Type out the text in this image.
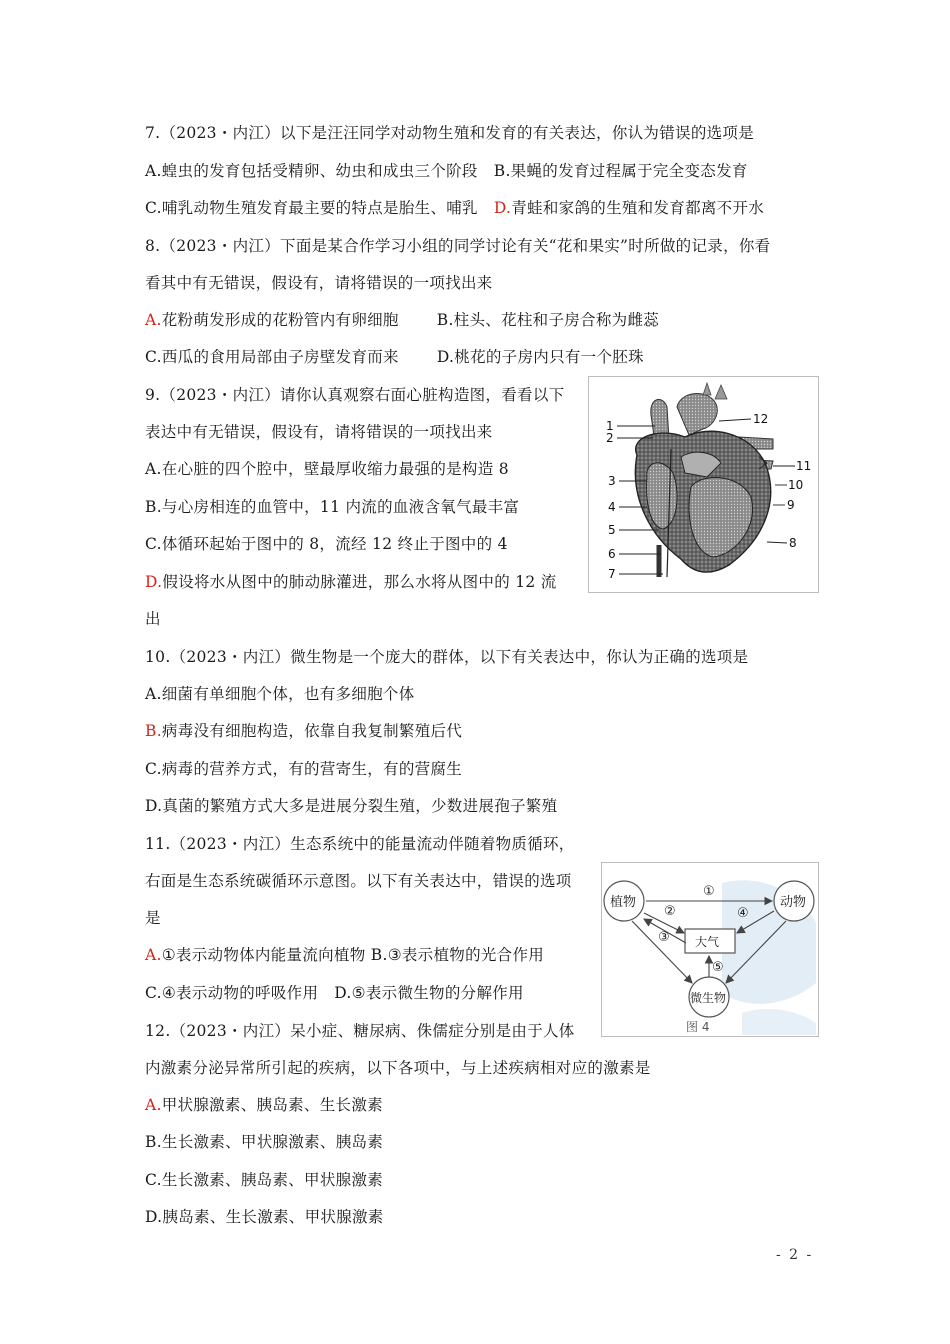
7.（2023・内江）以下是汪汪同学对动物生殖和发育的有关表达，你认为错误的选项是
A.蝗虫的发育包括受精卵、幼虫和成虫三个阶段 B.果蝇的发育过程属于完全变态发育
C.哺乳动物生殖发育最主要的特点是胎生、哺乳 D.青蛙和家鸽的生殖和发育都离不开水
8.（2023・内江）下面是某合作学习小组的同学讨论有关“花和果实”时所做的记录，你看
看其中有无错误，假设有，请将错误的一项找出来
A.花粉萌发形成的花粉管内有卵细胞 B.柱头、花柱和子房合称为雌蕊
C.西瓜的食用局部由子房壁发育而来 D.桃花的子房内只有一个胚珠
9.（2023・内江）请你认真观察右面心脏构造图，看看以下
表达中有无错误，假设有，请将错误的一项找出来
A.在心脏的四个腔中，壁最厚收缩力最强的是构造 8
B.与心房相连的血管中，11 内流的血液含氧气最丰富
C.体循环起始于图中的 8，流经 12 终止于图中的 4
D.假设将水从图中的肺动脉灌进，那么水将从图中的 12 流
出
1
2
3
4
5
6
7
8
9
10
11
12
10.（2023・内江）微生物是一个庞大的群体，以下有关表达中，你认为正确的选项是
A.细菌有单细胞个体，也有多细胞个体
B.病毒没有细胞构造，依靠自我复制繁殖后代
C.病毒的营养方式，有的营寄生，有的营腐生
D.真菌的繁殖方式大多是进展分裂生殖，少数进展孢子繁殖
11.（2023・内江）生态系统中的能量流动伴随着物质循环，
右面是生态系统碳循环示意图。以下有关表达中，错误的选项
是
A.①表示动物体内能量流向植物 B.③表示植物的光合作用
C.④表示动物的呼吸作用 D.⑤表示微生物的分解作用
植物	动物
大气
微生物
①
②
③
④
⑤
图 4
12.（2023・内江）呆小症、糖尿病、侏儒症分别是由于人体
内激素分泌异常所引起的疾病，以下各项中，与上述疾病相对应的激素是
A.甲状腺激素、胰岛素、生长激素
B.生长激素、甲状腺激素、胰岛素
C.生长激素、胰岛素、甲状腺激素
D.胰岛素、生长激素、甲状腺激素
- 2 -
